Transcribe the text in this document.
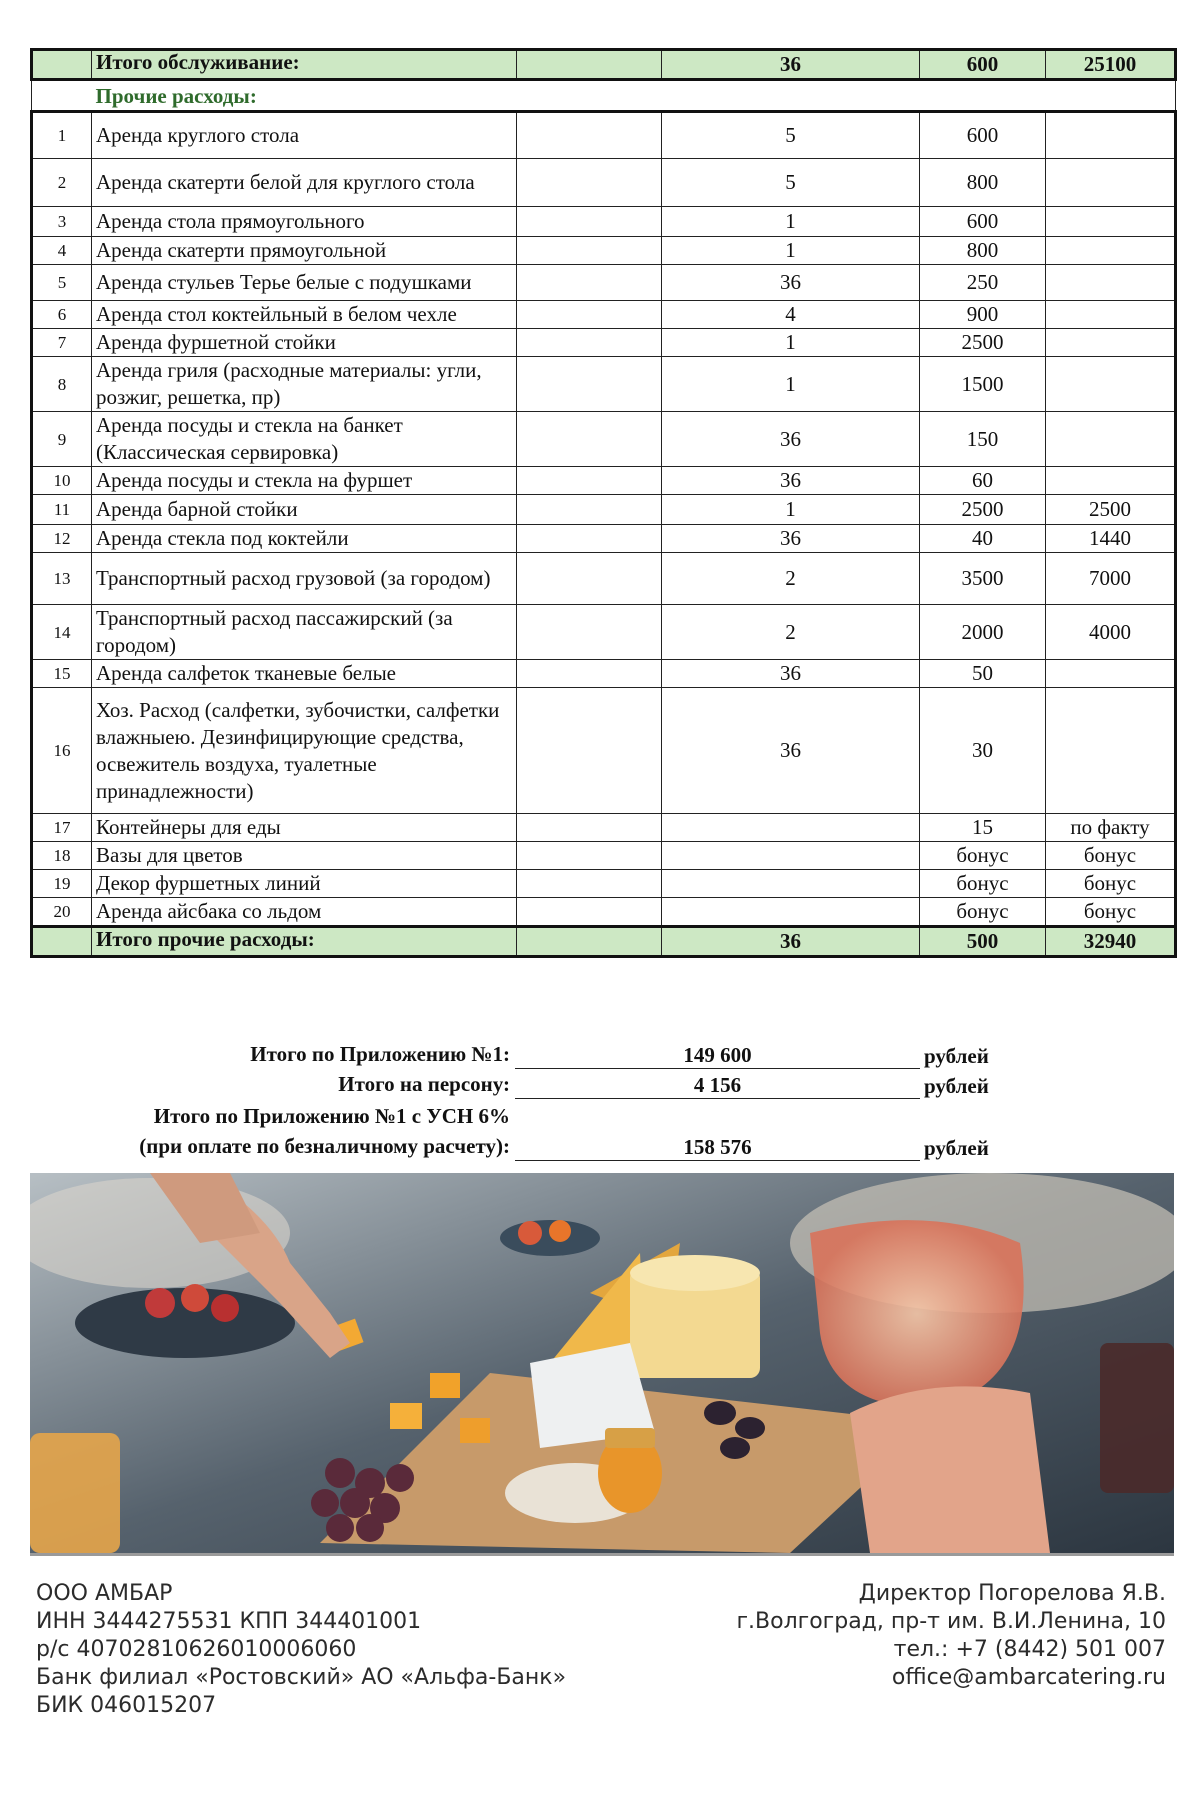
	Итого обслуживание:		36	600	25100
	Прочие расходы:				
1	Аренда круглого стола		5	600	
2	Аренда скатерти белой для круглого стола		5	800	
3	Аренда стола прямоугольного		1	600	
4	Аренда скатерти прямоугольной		1	800	
5	Аренда стульев Терье белые с подушками		36	250	
6	Аренда стол коктейльный в белом чехле		4	900	
7	Аренда фуршетной стойки		1	2500	
8	Аренда гриля (расходные материалы: угли, розжиг, решетка, пр)		1	1500	
9	Аренда посуды и стекла на банкет (Классическая сервировка)		36	150	
10	Аренда посуды и стекла на фуршет		36	60	
11	Аренда барной стойки		1	2500	2500
12	Аренда стекла под коктейли		36	40	1440
13	Транспортный расход грузовой (за городом)		2	3500	7000
14	Транспортный расход пассажирский (за городом)		2	2000	4000
15	Аренда салфеток тканевые белые		36	50	
16	Хоз. Расход (салфетки, зубочистки, салфетки влажныею. Дезинфицирующие средства, освежитель воздуха, туалетные принадлежности)		36	30	
17	Контейнеры для еды			15	по факту
18	Вазы для цветов			бонус	бонус
19	Декор фуршетных линий			бонус	бонус
20	Аренда айсбака со льдом			бонус	бонус
	Итого прочие расходы:		36	500	32940
Итого по Приложению №1:	149 600	рублей
Итого на персону:	4 156	рублей
Итого по Приложению №1 с УСН 6%
(при оплате по безналичному расчету):	158 576	рублей
ООО АМБАР
ИНН 3444275531 КПП 344401001
р/с 40702810626010006060
Банк филиал «Ростовский» АО «Альфа-Банк»
БИК 046015207
Директор Погорелова Я.В.
г.Волгоград, пр-т им. В.И.Ленина, 10
тел.: +7 (8442) 501 007
office@ambarcatering.ru
